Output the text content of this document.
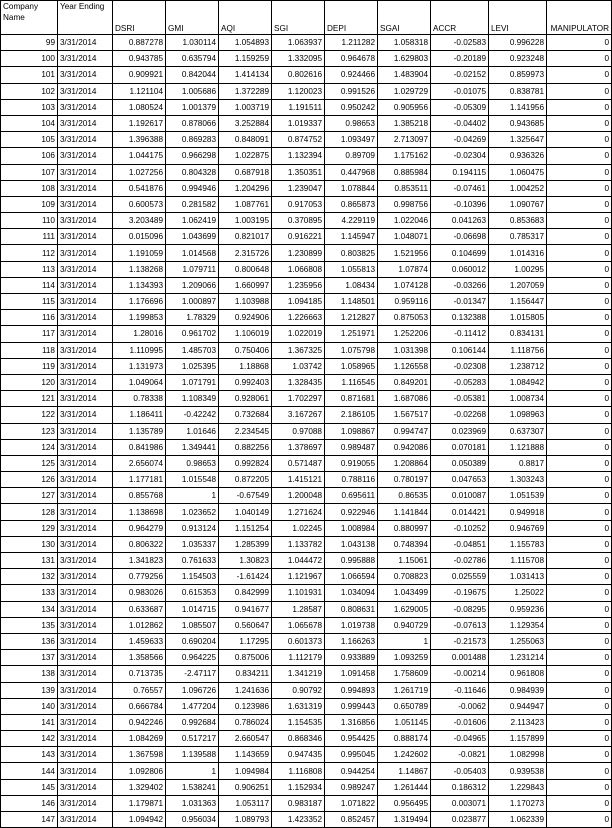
Company Name	Year Ending	DSRI	GMI	AQI	SGI	DEPI	SGAI	ACCR	LEVI	MANIPULATOR
99	3/31/2014	0.887278	1.030114	1.054893	1.063937	1.211282	1.058318	-0.02583	0.996228	0
100	3/31/2014	0.943785	0.635794	1.159259	1.332095	0.964678	1.629803	-0.20189	0.923248	0
101	3/31/2014	0.909921	0.842044	1.414134	0.802616	0.924466	1.483904	-0.02152	0.859973	0
102	3/31/2014	1.121104	1.005686	1.372289	1.120023	0.991526	1.029729	-0.01075	0.838781	0
103	3/31/2014	1.080524	1.001379	1.003719	1.191511	0.950242	0.905956	-0.05309	1.141956	0
104	3/31/2014	1.192617	0.878066	3.252884	1.019337	0.98653	1.385218	-0.04402	0.943685	0
105	3/31/2014	1.396388	0.869283	0.848091	0.874752	1.093497	2.713097	-0.04269	1.325647	0
106	3/31/2014	1.044175	0.966298	1.022875	1.132394	0.89709	1.175162	-0.02304	0.936326	0
107	3/31/2014	1.027256	0.804328	0.687918	1.350351	0.447968	0.885984	0.194115	1.060475	0
108	3/31/2014	0.541876	0.994946	1.204296	1.239047	1.078844	0.853511	-0.07461	1.004252	0
109	3/31/2014	0.600573	0.281582	1.087761	0.917053	0.865873	0.998756	-0.10396	1.090767	0
110	3/31/2014	3.203489	1.062419	1.003195	0.370895	4.229119	1.022046	0.041263	0.853683	0
111	3/31/2014	0.015096	1.043699	0.821017	0.916221	1.145947	1.048071	-0.06698	0.785317	0
112	3/31/2014	1.191059	1.014568	2.315726	1.230899	0.803825	1.521956	0.104699	1.014316	0
113	3/31/2014	1.138268	1.079711	0.800648	1.066808	1.055813	1.07874	0.060012	1.00295	0
114	3/31/2014	1.134393	1.209066	1.660997	1.235956	1.08434	1.074128	-0.03266	1.207059	0
115	3/31/2014	1.176696	1.000897	1.103988	1.094185	1.148501	0.959116	-0.01347	1.156447	0
116	3/31/2014	1.199853	1.78329	0.924906	1.226663	1.212827	0.875053	0.132388	1.015805	0
117	3/31/2014	1.28016	0.961702	1.106019	1.022019	1.251971	1.252206	-0.11412	0.834131	0
118	3/31/2014	1.110995	1.485703	0.750406	1.367325	1.075798	1.031398	0.106144	1.118756	0
119	3/31/2014	1.131973	1.025395	1.18868	1.03742	1.058965	1.126558	-0.02308	1.238712	0
120	3/31/2014	1.049064	1.071791	0.992403	1.328435	1.116545	0.849201	-0.05283	1.084942	0
121	3/31/2014	0.78338	1.108349	0.928061	1.702297	0.871681	1.687086	-0.05381	1.008734	0
122	3/31/2014	1.186411	-0.42242	0.732684	3.167267	2.186105	1.567517	-0.02268	1.098963	0
123	3/31/2014	1.135789	1.01646	2.234545	0.97088	1.098867	0.994747	0.023969	0.637307	0
124	3/31/2014	0.841986	1.349441	0.882256	1.378697	0.989487	0.942086	0.070181	1.121888	0
125	3/31/2014	2.656074	0.98653	0.992824	0.571487	0.919055	1.208864	0.050389	0.8817	0
126	3/31/2014	1.177181	1.015548	0.872205	1.415121	0.788116	0.780197	0.047653	1.303243	0
127	3/31/2014	0.855768	1	-0.67549	1.200048	0.695611	0.86535	0.010087	1.051539	0
128	3/31/2014	1.138698	1.023652	1.040149	1.271624	0.922946	1.141844	0.014421	0.949918	0
129	3/31/2014	0.964279	0.913124	1.151254	1.02245	1.008984	0.880997	-0.10252	0.946769	0
130	3/31/2014	0.806322	1.035337	1.285399	1.133782	1.043138	0.748394	-0.04851	1.155783	0
131	3/31/2014	1.341823	0.761633	1.30823	1.044472	0.995888	1.15061	-0.02786	1.115708	0
132	3/31/2014	0.779256	1.154503	-1.61424	1.121967	1.066594	0.708823	0.025559	1.031413	0
133	3/31/2014	0.983026	0.615353	0.842999	1.101931	1.034094	1.043499	-0.19675	1.25022	0
134	3/31/2014	0.633687	1.014715	0.941677	1.28587	0.808631	1.629005	-0.08295	0.959236	0
135	3/31/2014	1.012862	1.085507	0.560647	1.065678	1.019738	0.940729	-0.07613	1.129354	0
136	3/31/2014	1.459633	0.690204	1.17295	0.601373	1.166263	1	-0.21573	1.255063	0
137	3/31/2014	1.358566	0.964225	0.875006	1.112179	0.933889	1.093259	0.001488	1.231214	0
138	3/31/2014	0.713735	-2.47117	0.834211	1.341219	1.091458	1.758609	-0.00214	0.961808	0
139	3/31/2014	0.76557	1.096726	1.241636	0.90792	0.994893	1.261719	-0.11646	0.984939	0
140	3/31/2014	0.666784	1.477204	0.123986	1.631319	0.999443	0.650789	-0.0062	0.944947	0
141	3/31/2014	0.942246	0.992684	0.786024	1.154535	1.316856	1.051145	-0.01606	2.113423	0
142	3/31/2014	1.084269	0.517217	2.660547	0.868346	0.954425	0.888174	-0.04965	1.157899	0
143	3/31/2014	1.367598	1.139588	1.143659	0.947435	0.995045	1.242602	-0.0821	1.082998	0
144	3/31/2014	1.092806	1	1.094984	1.116808	0.944254	1.14867	-0.05403	0.939538	0
145	3/31/2014	1.329402	1.538241	0.906251	1.152934	0.989247	1.261444	0.186312	1.229843	0
146	3/31/2014	1.179871	1.031363	1.053117	0.983187	1.071822	0.956495	0.003071	1.170273	0
147	3/31/2014	1.094942	0.956034	1.089793	1.423352	0.852457	1.319494	0.023877	1.062339	0
